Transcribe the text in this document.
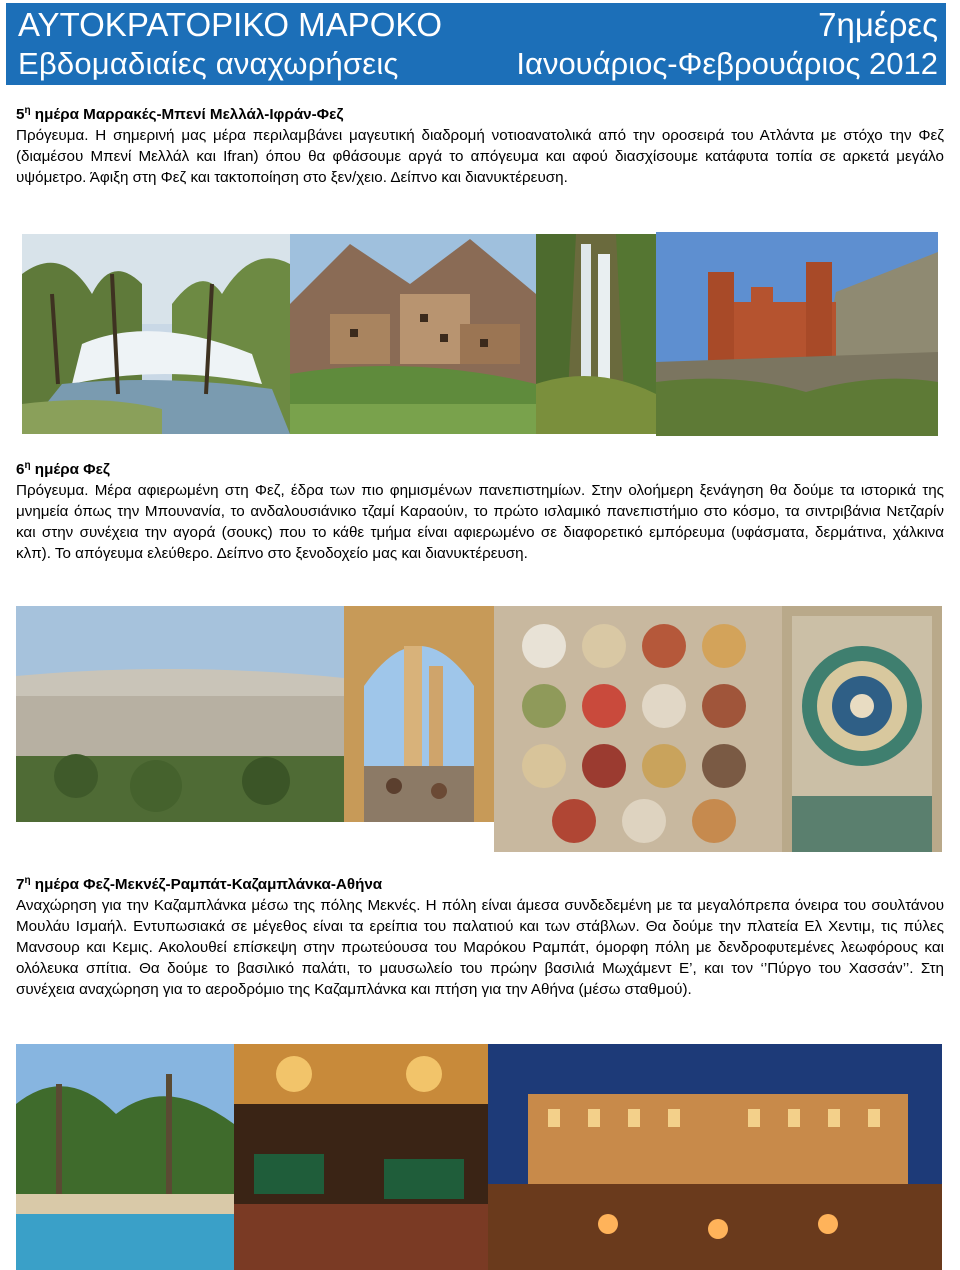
ΑΥΤΟΚΡΑΤΟΡΙΚΟ ΜΑΡΟΚΟ	7ημέρες
Εβδομαδιαίες αναχωρήσεις	Ιανουάριος-Φεβρουάριος 2012
$5^\eta$ ημέρα Μαρρακές-Μπενί Μελλάλ-Ιφράν-Φεζ
Πρόγευμα. Η σημερινή μας μέρα περιλαμβάνει μαγευτική διαδρομή νοτιοανατολικά από την οροσειρά του Ατλάντα με στόχο την Φεζ (διαμέσου Μπενί Μελλάλ και Ifran) όπου θα φθάσουμε αργά το απόγευμα και αφού διασχίσουμε κατάφυτα τοπία σε αρκετά μεγάλο υψόμετρο. Άφιξη στη Φεζ και τακτοποίηση στο ξεν/χειο. Δείπνο και διανυκτέρευση.
$6^\eta$ ημέρα Φεζ
Πρόγευμα. Μέρα αφιερωμένη στη Φεζ, έδρα των πιο φημισμένων πανεπιστημίων. Στην ολοήμερη ξενάγηση θα δούμε τα ιστορικά της μνημεία όπως την Μπουνανία, το ανδαλουσιάνικο τζαμί Καραούιν, το πρώτο ισλαμικό πανεπιστήμιο στο κόσμο, τα σιντριβάνια Νετζαρίν και στην συνέχεια την αγορά (σουκς) που το κάθε τμήμα είναι αφιερωμένο σε διαφορετικό εμπόρευμα (υφάσματα, δερμάτινα, χάλκινα κλπ). Το απόγευμα ελεύθερο. Δείπνο στο ξενοδοχείο μας και διανυκτέρευση.
$7^\eta$ ημέρα Φεζ-Μεκνέζ-Ραμπάτ-Καζαμπλάνκα-Αθήνα
Αναχώρηση για την Καζαμπλάνκα μέσω της πόλης Μεκνές. Η πόλη είναι άμεσα συνδεδεμένη με τα μεγαλόπρεπα όνειρα του σουλτάνου Μουλάυ Ισμαήλ. Εντυπωσιακά σε μέγεθος είναι τα ερείπια του παλατιού και των στάβλων. Θα δούμε την πλατεία Ελ Χεντιμ, τις πύλες Μανσουρ και Κεμις. Ακολουθεί επίσκεψη στην πρωτεύουσα του Μαρόκου Ραμπάτ, όμορφη πόλη με δενδροφυτεμένες λεωφόρους και ολόλευκα σπίτια. Θα δούμε το βασιλικό παλάτι, το μαυσωλείο του πρώην βασιλιά Μωχάμεντ Ε’, και τον ‘’Πύργο του Χασσάν’’. Στη συνέχεια αναχώρηση για το αεροδρόμιο της Καζαμπλάνκα και πτήση για την Αθήνα (μέσω σταθμού).
